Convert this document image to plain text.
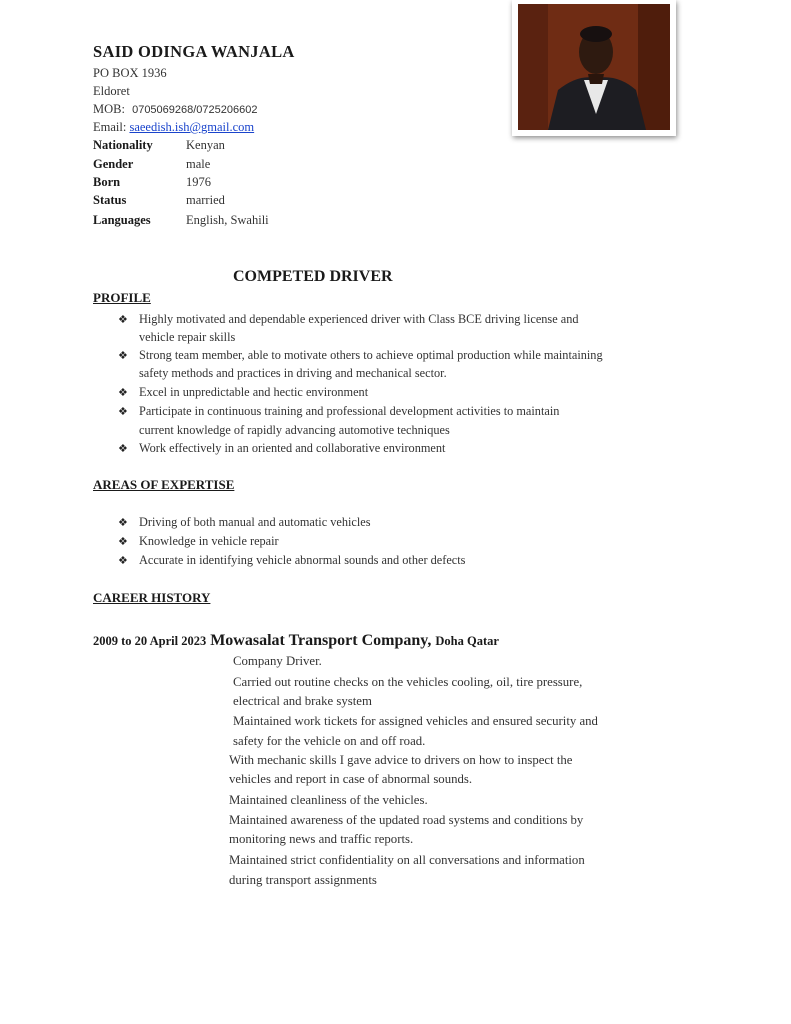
SAID ODINGA WANJALA
PO BOX 1936
Eldoret
MOB: 0705069268/0725206602
Email: saeedish.ish@gmail.com
Nationality	Kenyan
Gender	male
Born	1976
Status	married
Languages	English, Swahili
COMPETED DRIVER
PROFILE
❖ Highly motivated and dependable experienced driver with Class BCE driving license and
vehicle repair skills
❖ Strong team member, able to motivate others to achieve optimal production while maintaining
safety methods and practices in driving and mechanical sector.
❖ Excel in unpredictable and hectic environment
❖ Participate in continuous training and professional development activities to maintain
current knowledge of rapidly advancing automotive techniques
❖ Work effectively in an oriented and collaborative environment
AREAS OF EXPERTISE
❖ Driving of both manual and automatic vehicles
❖ Knowledge in vehicle repair
❖ Accurate in identifying vehicle abnormal sounds and other defects
CAREER HISTORY
2009 to 20 April 2023 Mowasalat Transport Company, Doha Qatar
Company Driver.
Carried out routine checks on the vehicles cooling, oil, tire pressure,
electrical and brake system
Maintained work tickets for assigned vehicles and ensured security and
safety for the vehicle on and off road.
With mechanic skills I gave advice to drivers on how to inspect the
vehicles and report in case of abnormal sounds.
Maintained cleanliness of the vehicles.
Maintained awareness of the updated road systems and conditions by
monitoring news and traffic reports.
Maintained strict confidentiality on all conversations and information
during transport assignments
